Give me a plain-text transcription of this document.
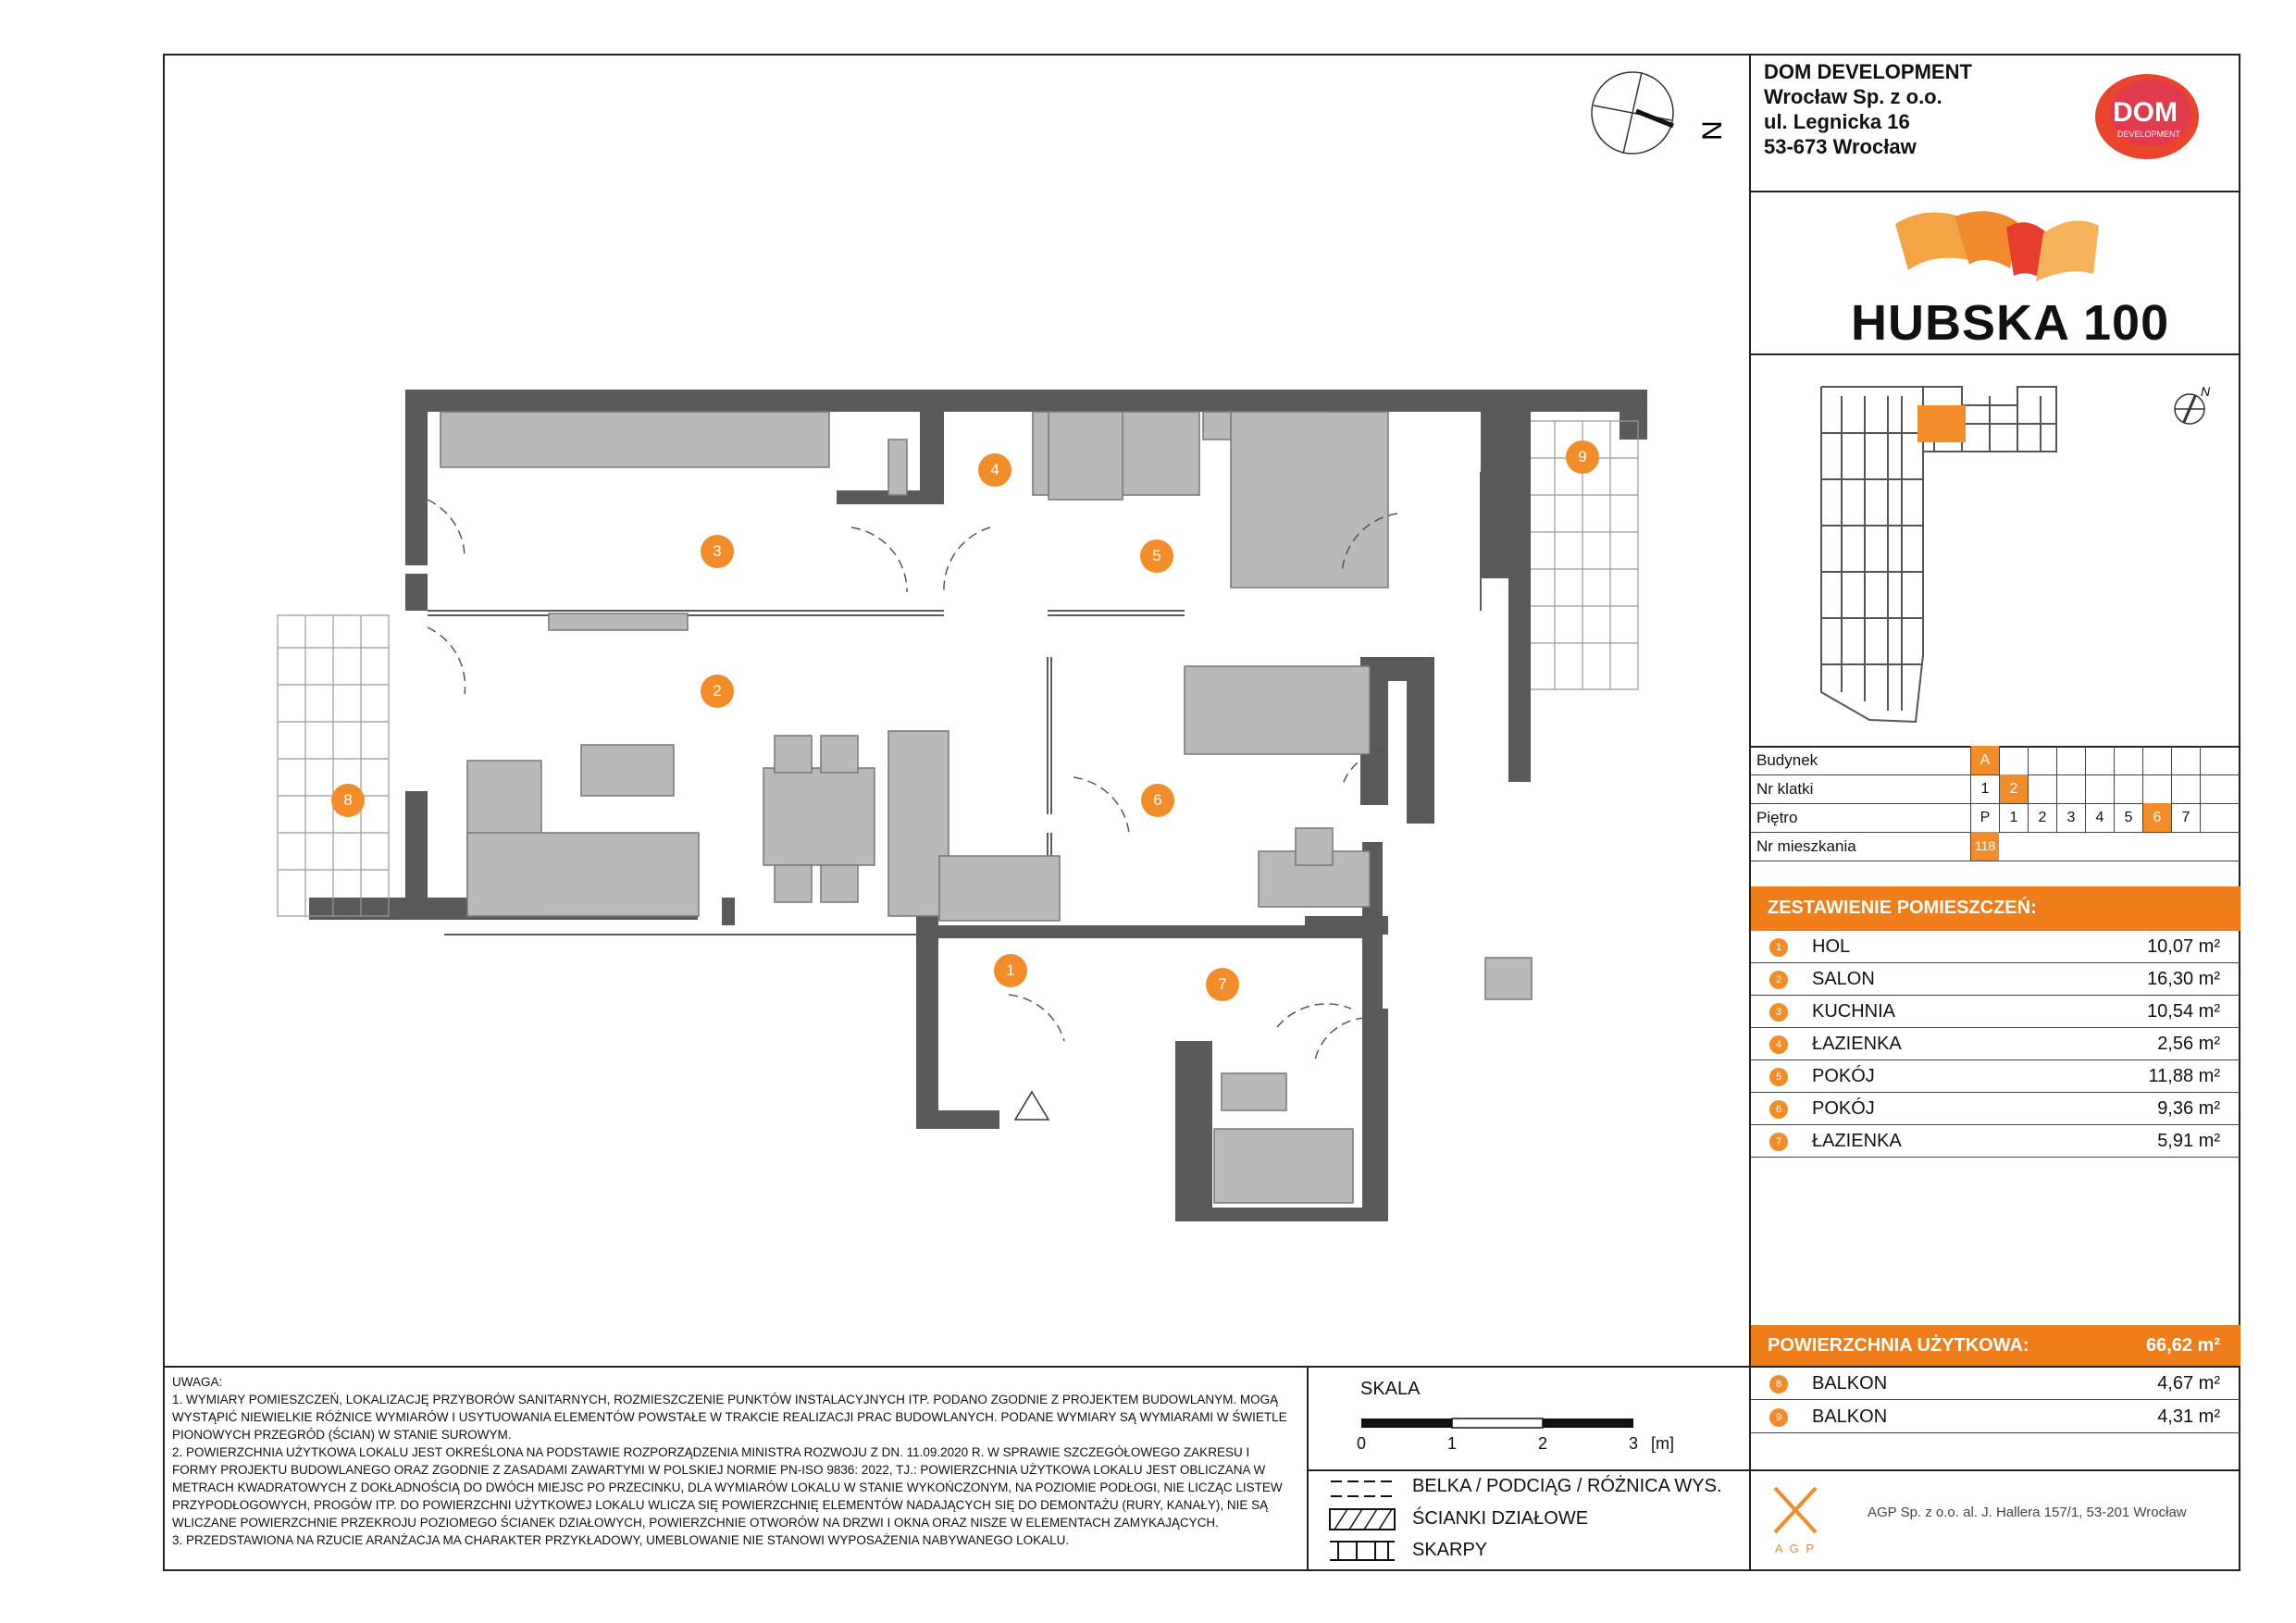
DOM DEVELOPMENT
Wrocław Sp. z o.o.
ul. Legnicka 16
53-673 Wrocław
DOM
DEVELOPMENT
HUBSKA 100
N
Budynek	A
Nr klatki	1	2
Piętro	P	1	2	3	4	5	6	7
Nr mieszkania	118
ZESTAWIENIE POMIESZCZEŃ:
1	HOL	10,07 m²
2	SALON	16,30 m²
3	KUCHNIA	10,54 m²
4	ŁAZIENKA	2,56 m²
5	POKÓJ	11,88 m²
6	POKÓJ	9,36 m²
7	ŁAZIENKA	5,91 m²
POWIERZCHNIA UŻYTKOWA:	66,62 m²
8	BALKON	4,67 m²
9	BALKON	4,31 m²
A G P
AGP Sp. z o.o. al. J. Hallera 157/1, 53-201 Wrocław
UWAGA:
1. WYMIARY POMIESZCZEŃ, LOKALIZACJĘ PRZYBORÓW SANITARNYCH, ROZMIESZCZENIE PUNKTÓW INSTALACYJNYCH ITP. PODANO ZGODNIE Z PROJEKTEM BUDOWLANYM. MOGĄ WYSTĄPIĆ NIEWIELKIE RÓŻNICE WYMIARÓW I USYTUOWANIA ELEMENTÓW POWSTAŁE W TRAKCIE REALIZACJI PRAC BUDOWLANYCH. PODANE WYMIARY SĄ WYMIARAMI W ŚWIETLE PIONOWYCH PRZEGRÓD (ŚCIAN) W STANIE SUROWYM.
2. POWIERZCHNIA UŻYTKOWA LOKALU JEST OKREŚLONA NA PODSTAWIE ROZPORZĄDZENIA MINISTRA ROZWOJU Z DN. 11.09.2020 R. W SPRAWIE SZCZEGÓŁOWEGO ZAKRESU I FORMY PROJEKTU BUDOWLANEGO ORAZ ZGODNIE Z ZASADAMI ZAWARTYMI W POLSKIEJ NORMIE PN-ISO 9836: 2022, TJ.: POWIERZCHNIA UŻYTKOWA LOKALU JEST OBLICZANA W METRACH KWADRATOWYCH Z DOKŁADNOŚCIĄ DO DWÓCH MIEJSC PO PRZECINKU, DLA WYMIARÓW LOKALU W STANIE WYKOŃCZONYM, NA POZIOMIE PODŁOGI, NIE LICZĄC LISTEW PRZYPODŁOGOWYCH, PROGÓW ITP. DO POWIERZCHNI UŻYTKOWEJ LOKALU WLICZA SIĘ POWIERZCHNIĘ ELEMENTÓW NADAJĄCYCH SIĘ DO DEMONTAŻU (RURY, KANAŁY), NIE SĄ WLICZANE POWIERZCHNIE PRZEKROJU POZIOMEGO ŚCIANEK DZIAŁOWYCH, POWIERZCHNIE OTWORÓW NA DRZWI I OKNA ORAZ NISZE W ELEMENTACH ZAMYKAJĄCYCH.
3. PRZEDSTAWIONA NA RZUCIE ARANŻACJA MA CHARAKTER PRZYKŁADOWY, UMEBLOWANIE NIE STANOWI WYPOSAŻENIA NABYWANEGO LOKALU.
SKALA
0	1	2	3 [m]
BELKA / PODCIĄG / RÓŻNICA WYS.
ŚCIANKI DZIAŁOWE
SKARPY
N
1
2
3
4
5
6
7
8
9
